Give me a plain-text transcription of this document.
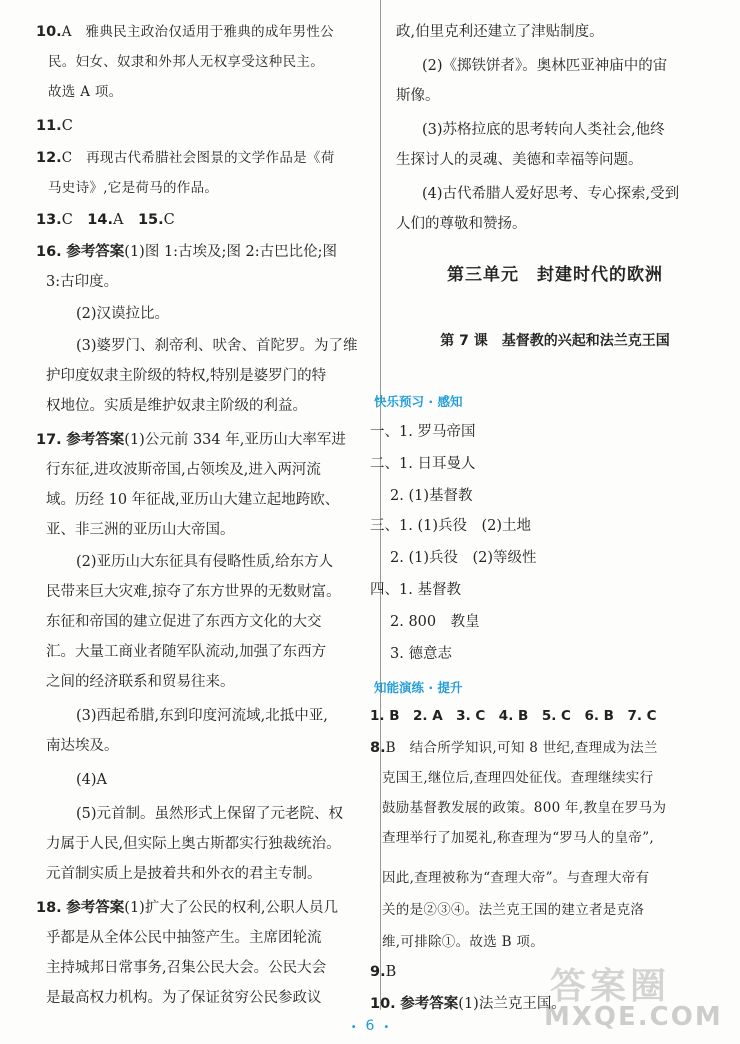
10.A　雅典民主政治仅适用于雅典的成年男性公
民。妇女、奴隶和外邦人无权享受这种民主。
故选 A 项。
11.C
12.C　再现古代希腊社会图景的文学作品是《荷
马史诗》,它是荷马的作品。
13.C　14.A　15.C
16. 参考答案(1)图 1:古埃及;图 2:古巴比伦;图
3:古印度。
(2)汉谟拉比。
(3)婆罗门、刹帝利、吠舍、首陀罗。为了维
护印度奴隶主阶级的特权,特别是婆罗门的特
权地位。实质是维护奴隶主阶级的利益。
17. 参考答案(1)公元前 334 年,亚历山大率军进
行东征,进攻波斯帝国,占领埃及,进入两河流
域。历经 10 年征战,亚历山大建立起地跨欧、
亚、非三洲的亚历山大帝国。
(2)亚历山大东征具有侵略性质,给东方人
民带来巨大灾难,掠夺了东方世界的无数财富。
东征和帝国的建立促进了东西方文化的大交
汇。大量工商业者随军队流动,加强了东西方
之间的经济联系和贸易往来。
(3)西起希腊,东到印度河流域,北抵中亚,
南达埃及。
(4)A
(5)元首制。虽然形式上保留了元老院、权
力属于人民,但实际上奥古斯都实行独裁统治。
元首制实质上是披着共和外衣的君主专制。
18. 参考答案(1)扩大了公民的权利,公职人员几
乎都是从全体公民中抽签产生。主席团轮流
主持城邦日常事务,召集公民大会。公民大会
是最高权力机构。为了保证贫穷公民参政议
政,伯里克利还建立了津贴制度。
(2)《掷铁饼者》。奥林匹亚神庙中的宙
斯像。
(3)苏格拉底的思考转向人类社会,他终
生探讨人的灵魂、美德和幸福等问题。
(4)古代希腊人爱好思考、专心探索,受到
人们的尊敬和赞扬。
第三单元　封建时代的欧洲
第 7 课　基督教的兴起和法兰克王国
快乐预习 · 感知
一、1. 罗马帝国
二、1. 日耳曼人
2. (1)基督教
三、1. (1)兵役　(2)土地
2. (1)兵役　(2)等级性
四、1. 基督教
2. 800　教皇
3. 德意志
知能演练 · 提升
1. B　2. A　3. C　4. B　5. C　6. B　7. C
8.B　结合所学知识,可知 8 世纪,查理成为法兰
克国王,继位后,查理四处征伐。查理继续实行
鼓励基督教发展的政策。800 年,教皇在罗马为
查理举行了加冕礼,称查理为“罗马人的皇帝”,
因此,查理被称为“查理大帝”。与查理大帝有
关的是②③④。法兰克王国的建立者是克洛
维,可排除①。故选 B 项。
9.B
10. 参考答案(1)法兰克王国。
• 6 •
答案圈
MXQE.COM
